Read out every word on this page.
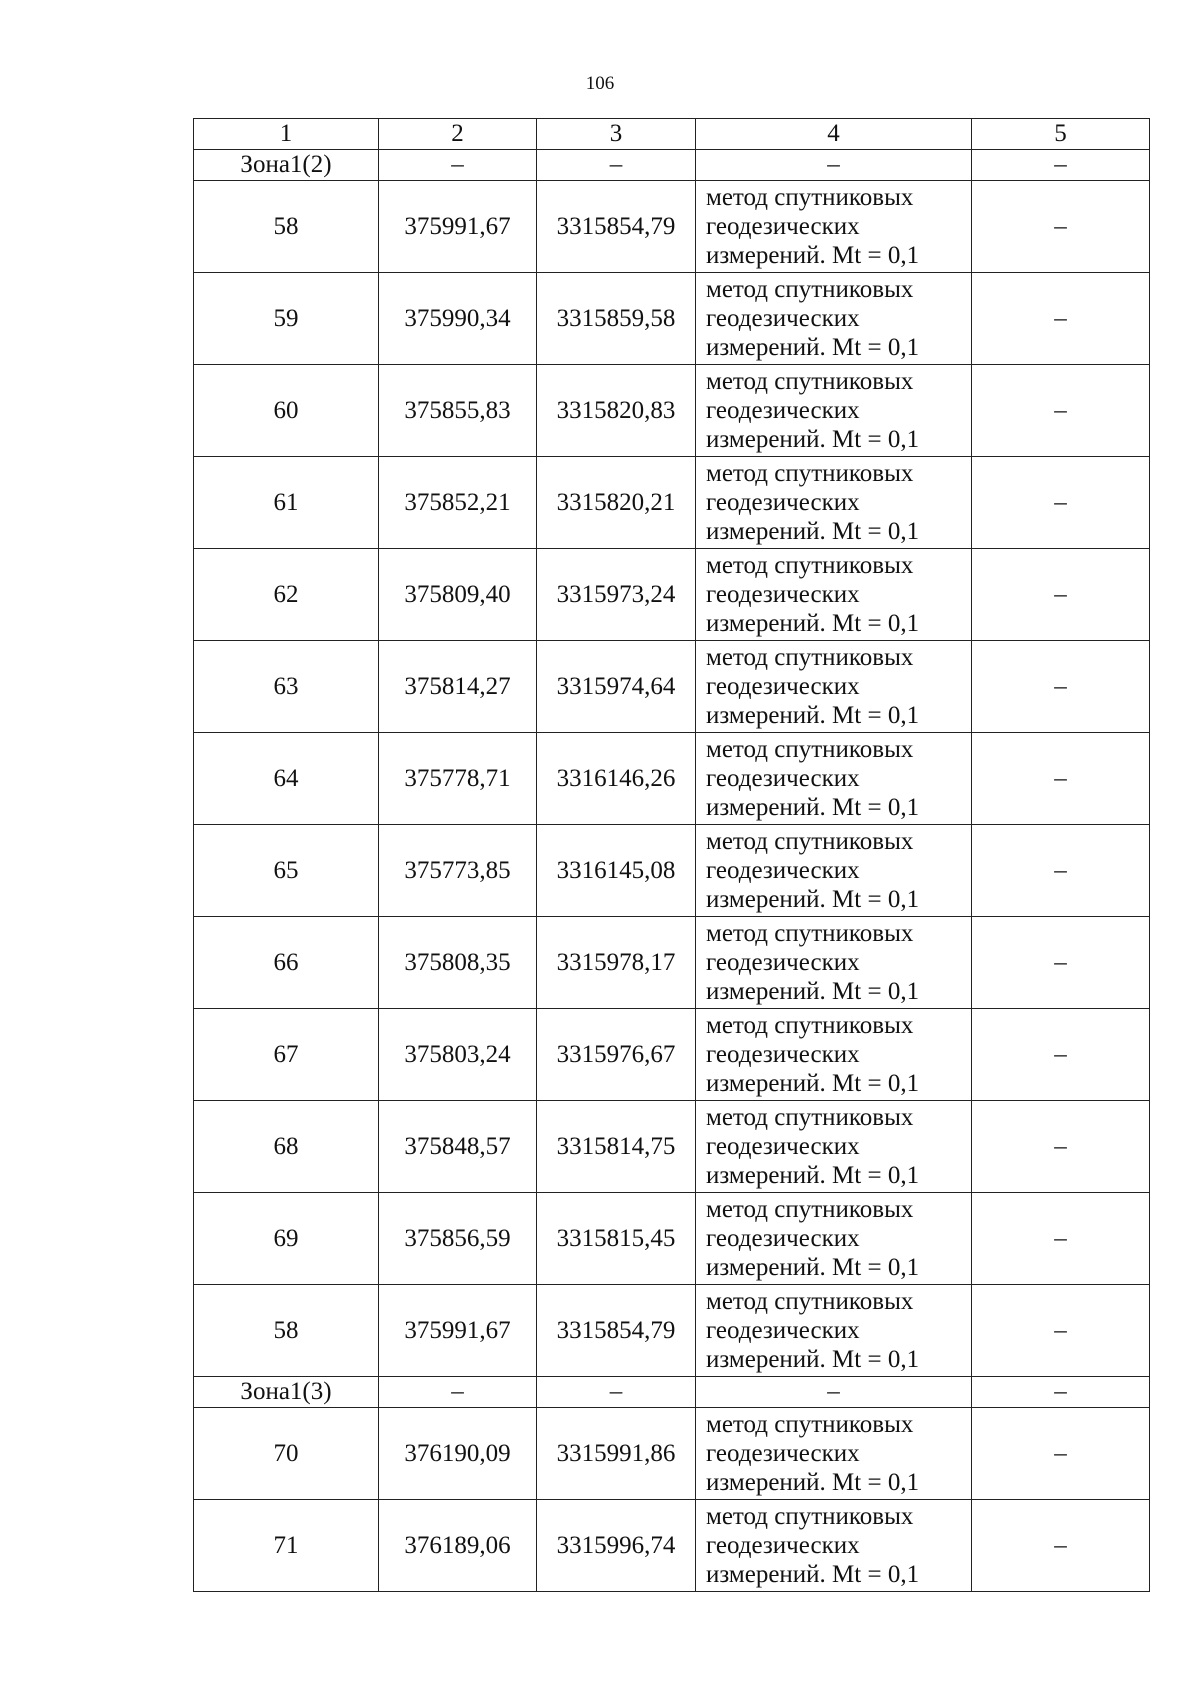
106
1	2	3	4	5
Зона1(2)	–	–	–	–
58	375991,67	3315854,79	метод спутниковых
геодезических
измерений. Mt = 0,1	–
59	375990,34	3315859,58	метод спутниковых
геодезических
измерений. Mt = 0,1	–
60	375855,83	3315820,83	метод спутниковых
геодезических
измерений. Mt = 0,1	–
61	375852,21	3315820,21	метод спутниковых
геодезических
измерений. Mt = 0,1	–
62	375809,40	3315973,24	метод спутниковых
геодезических
измерений. Mt = 0,1	–
63	375814,27	3315974,64	метод спутниковых
геодезических
измерений. Mt = 0,1	–
64	375778,71	3316146,26	метод спутниковых
геодезических
измерений. Mt = 0,1	–
65	375773,85	3316145,08	метод спутниковых
геодезических
измерений. Mt = 0,1	–
66	375808,35	3315978,17	метод спутниковых
геодезических
измерений. Mt = 0,1	–
67	375803,24	3315976,67	метод спутниковых
геодезических
измерений. Mt = 0,1	–
68	375848,57	3315814,75	метод спутниковых
геодезических
измерений. Mt = 0,1	–
69	375856,59	3315815,45	метод спутниковых
геодезических
измерений. Mt = 0,1	–
58	375991,67	3315854,79	метод спутниковых
геодезических
измерений. Mt = 0,1	–
Зона1(3)	–	–	–	–
70	376190,09	3315991,86	метод спутниковых
геодезических
измерений. Mt = 0,1	–
71	376189,06	3315996,74	метод спутниковых
геодезических
измерений. Mt = 0,1	–
